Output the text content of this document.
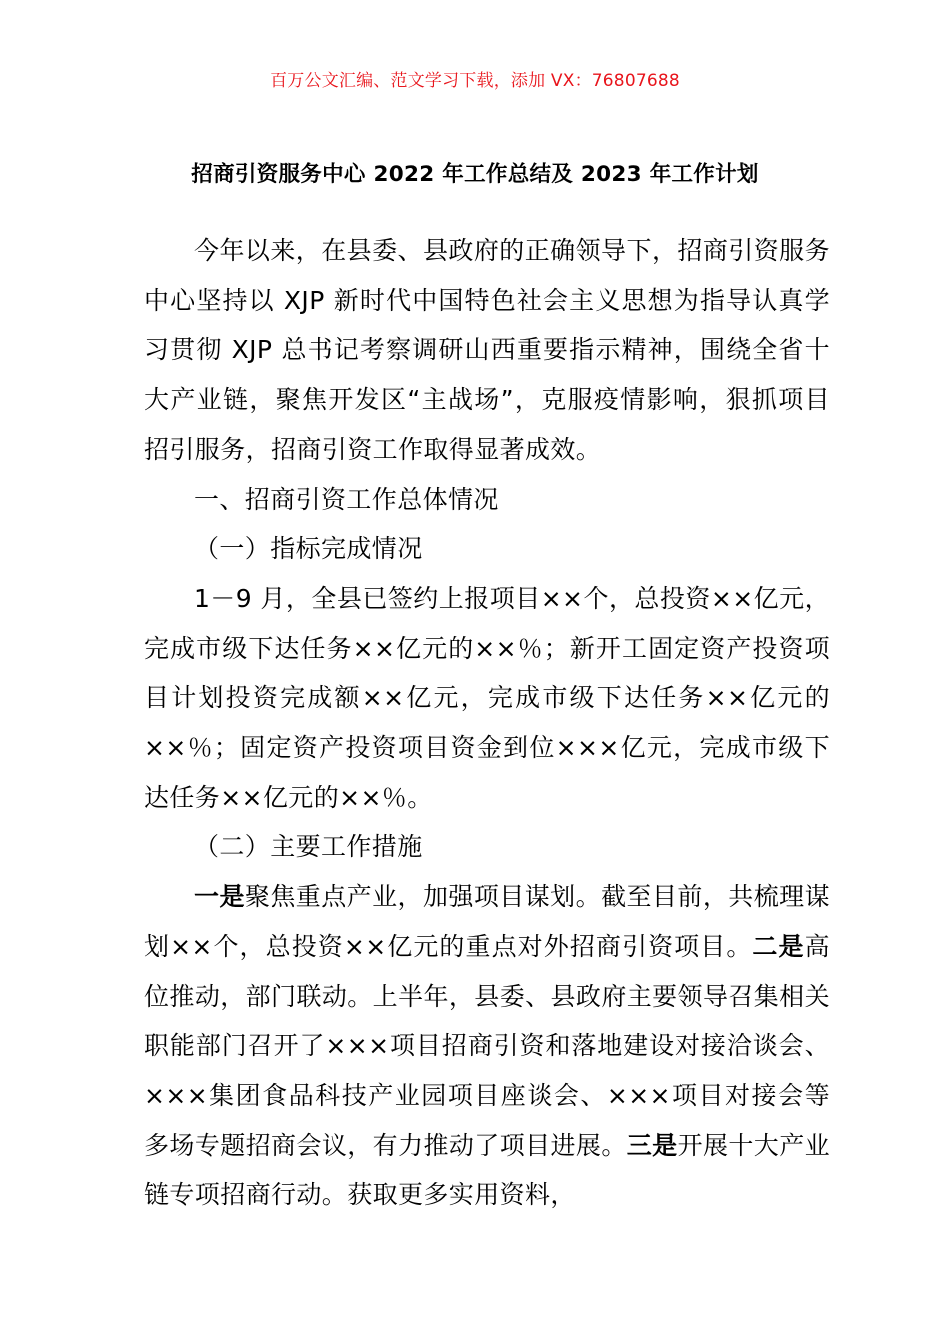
百万公文汇编、范文学习下载，添加 VX：76807688
招商引资服务中心 2022 年工作总结及 2023 年工作计划

今年以来，在县委、县政府的正确领导下，招商引资服务中心坚持以 XJP 新时代中国特色社会主义思想为指导认真学习贯彻 XJP 总书记考察调研山西重要指示精神，围绕全省十大产业链，聚焦开发区“主战场”，克服疫情影响，狠抓项目招引服务，招商引资工作取得显著成效。

一、招商引资工作总体情况

（一）指标完成情况

1－9 月，全县已签约上报项目××个，总投资××亿元，完成市级下达任务××亿元的××％；新开工固定资产投资项目计划投资完成额××亿元，完成市级下达任务××亿元的××％；固定资产投资项目资金到位×××亿元，完成市级下达任务××亿元的××％。

（二）主要工作措施

一是聚焦重点产业，加强项目谋划。截至目前，共梳理谋划××个，总投资××亿元的重点对外招商引资项目。二是高位推动，部门联动。上半年，县委、县政府主要领导召集相关职能部门召开了×××项目招商引资和落地建设对接洽谈会、×××集团食品科技产业园项目座谈会、×××项目对接会等多场专题招商会议，有力推动了项目进展。三是开展十大产业链专项招商行动。获取更多实用资料，
